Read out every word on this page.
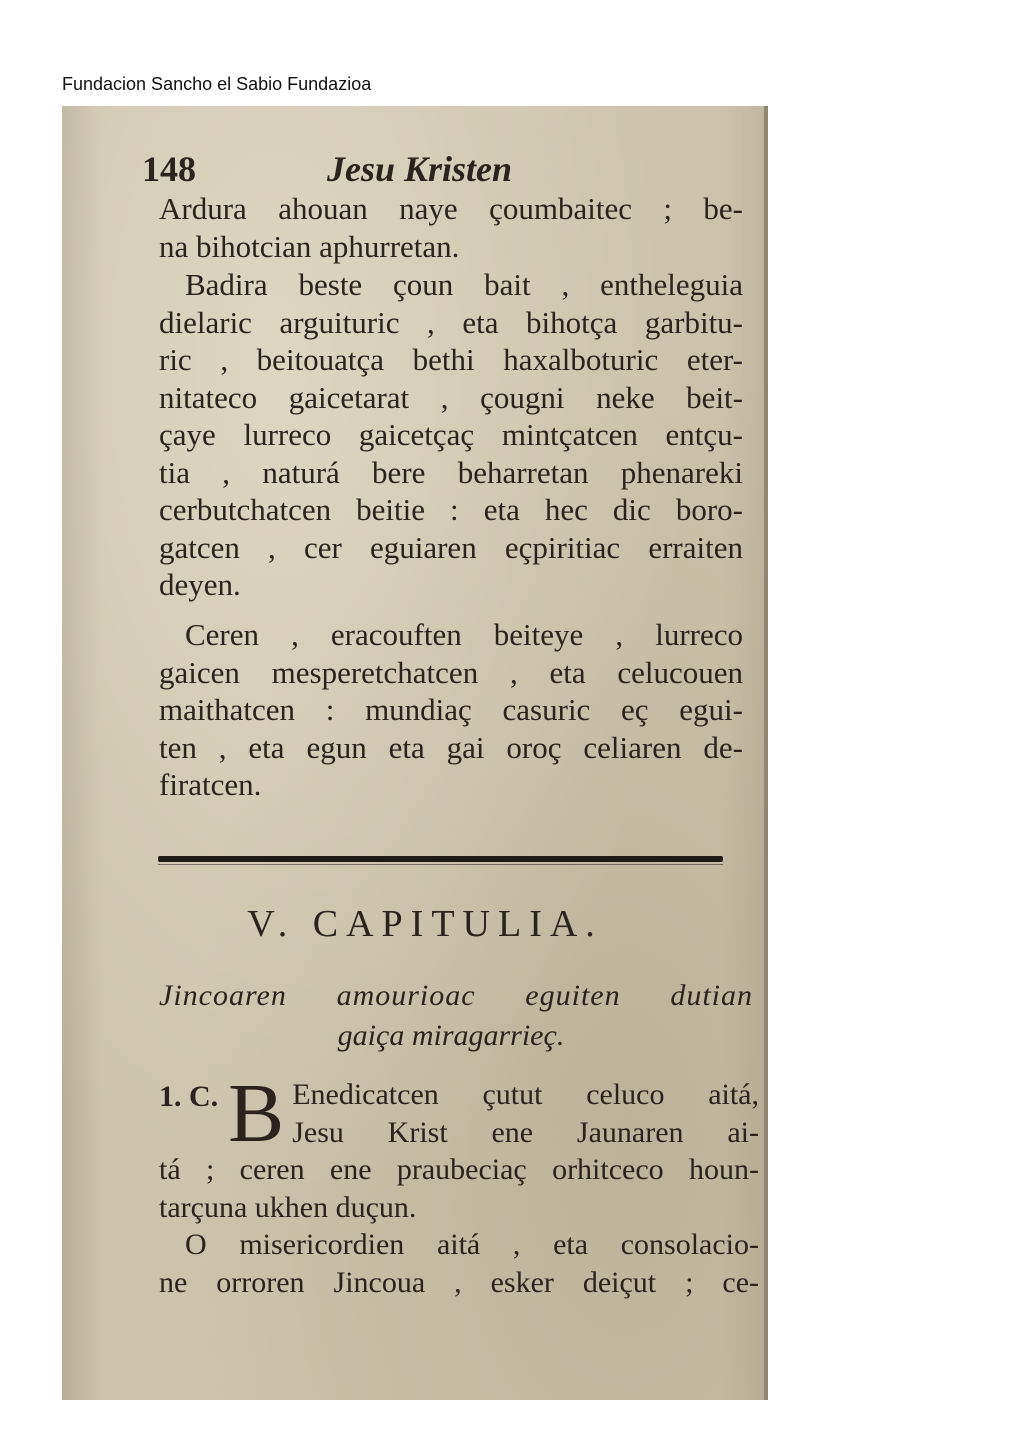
Fundacion Sancho el Sabio Fundazioa
148	Jesu Kristen

Ardura ahouan naye çoumbaitec ; be-
na bihotcian aphurretan.

Badira beste çoun bait , entheleguia
dielaric arguituric , eta bihotça garbitu-
ric , beitouatça bethi haxalboturic eter-
nitateco gaicetarat , çougni neke beit-
çaye lurreco gaicetçaç mintçatcen entçu-
tia , naturá bere beharretan phenareki
cerbutchatcen beitie : eta hec dic boro-
gatcen , cer eguiaren eçpiritiac erraiten
deyen.

Ceren , eracouften beiteye , lurreco
gaicen mesperetchatcen , eta celucouen
maithatcen : mundiaç casuric eç egui-
ten , eta egun eta gai oroç celiaren de-
firatcen.

V. CAPITULIA.
Jincoaren amourioac eguiten dutian
gaiça miragarrieç.
1. C. B Enedicatcen çutut celuco aitá,
Jesu Krist ene Jaunaren ai-
tá ; ceren ene praubeciaç orhitceco houn-
tarçuna ukhen duçun.
O misericordien aitá , eta consolacio-
ne orroren Jincoua , esker deiçut ; ce-
